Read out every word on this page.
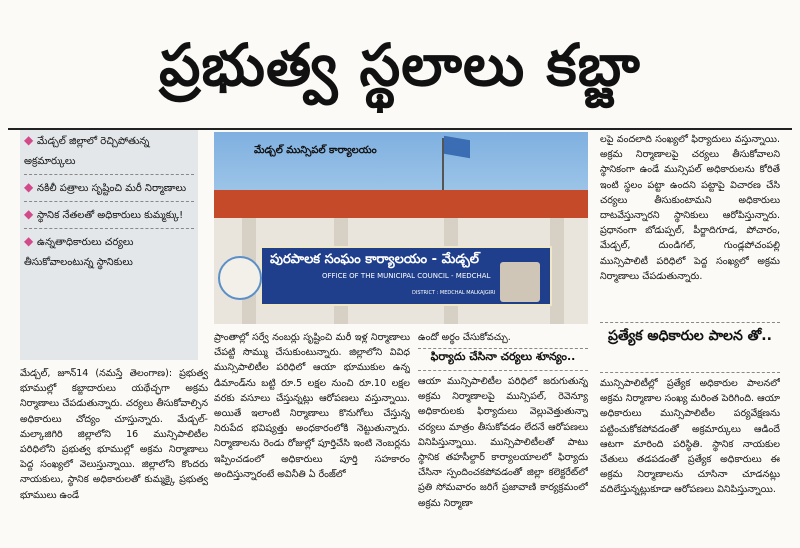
ప్రభుత్వ స్థలాలు కబ్జా
◆ మేడ్చల్ జిల్లాలో రెచ్చిపోతున్న అక్రమార్కులు
◆ నకిలీ పత్రాలు సృష్టించి మరీ నిర్మాణాలు
◆ స్థానిక నేతలతో అధికారులు కుమ్మక్కు!
◆ ఉన్నతాధికారులు చర్యలు తీసుకోవాలంటున్న స్థానికులు

మేడ్చల్, జూన్14 (నమస్తే తెలంగాణ): ప్రభుత్వ భూముల్లో కబ్జాదారులు యథేచ్ఛగా అక్రమ నిర్మాణాలు చేపడుతున్నారు. చర్యలు తీసుకోవాల్సిన అధికారులు చోద్యం చూస్తున్నారు. మేడ్చల్-మల్కాజిగిరి జిల్లాలోని 16 మున్సిపాలిటీల పరిధిలోని ప్రభుత్వ భూముల్లో అక్రమ నిర్మాణాలు పెద్ద సంఖ్యలో వెలుస్తున్నాయి. జిల్లాలోని కొందరు నాయకులు, స్థానిక అధికారులతో కుమ్మక్కై ప్రభుత్వ భూములు ఉండే

మేడ్చల్ మున్సిపల్ కార్యాలయం
పురపాలక సంఘం కార్యాలయం - మేడ్చల్
OFFICE OF THE MUNICIPAL COUNCIL - MEDCHAL
DISTRICT : MEDCHAL MALKAJGIRI

ప్రాంతాల్లో సర్వే నంబర్లు సృష్టించి మరీ ఇళ్ల నిర్మాణాలు చేపట్టి సొమ్ము చేసుకుంటున్నారు. జిల్లాలోని వివిధ మున్సిపాలిటీల పరిధిలో ఆయా భూముకుల ఉన్న డిమాండ్‌ను బట్టి రూ.5 లక్షల నుంచి రూ.10 లక్షల వరకు వసూలు చేస్తున్నట్లు ఆరోపణలు వస్తున్నాయి. అయితే ఇలాంటి నిర్మాణాలు కొనుగోలు చేస్తున్న నిరుపేద భవిష్యత్తు అంధకారంలోకి నెట్టుతున్నారు. నిర్మాణాలను రెండు రోజుల్లో పూర్తిచేసి ఇంటి నెంబర్లను ఇప్పించడంలో అధికారులు పూర్తి సహకారం అందిస్తున్నారంటే అవినీతి ఏ రేంజ్‌లో

ఉందో అర్థం చేసుకోవచ్చు.

ఫిర్యాదు చేసినా చర్యలు శూన్యం..

ఆయా మున్సిపాలిటీల పరిధిలో జరుగుతున్న అక్రమ నిర్మాణాలపై మున్సిపల్, రెవెన్యూ అధికారులకు ఫిర్యాదులు వెల్లువెత్తుతున్నా చర్యలు మాత్రం తీసుకోవడం లేదనే ఆరోపణలు వినిపిస్తున్నాయి. మున్సిపాలిటీలతో పాటు స్థానిక తహసీల్దార్ కార్యాలయాలలో ఫిర్యాదు చేసినా స్పందించకపోవడంతో జిల్లా కలెక్టరేట్‌లో ప్రతి సోమవారం జరిగే ప్రజావాణి కార్యక్రమంలో అక్రమ నిర్మాణా

లపై వందలాది సంఖ్యలో ఫిర్యాదులు వస్తున్నాయి. అక్రమ నిర్మాణాలపై చర్యలు తీసుకోవాలని స్థానికంగా ఉండే మున్సిపల్ అధికారులను కోరితే ఇంటి స్థలం పట్టా ఉందని పట్టాపై విచారణ చేసి చర్యలు తీసుకుంటామని అధికారులు దాటవేస్తున్నారని స్థానికులు ఆరోపిస్తున్నారు. ప్రధానంగా బోడుప్పల్, పీర్జాదిగూడ, పోచారం, మేడ్చల్, దుండిగల్, గుండ్లపోచంపల్లి మున్సిపాలిటీ పరిధిలో పెద్ద సంఖ్యలో అక్రమ నిర్మాణాలు చేపడుతున్నారు.

ప్రత్యేక అధికారుల పాలన తో..

మున్సిపాలిటీల్లో ప్రత్యేక అధికారుల పాలనలో అక్రమ నిర్మాణాల సంఖ్య మరింత పెరిగింది. ఆయా అధికారులు మున్సిపాలిటీల పర్యవేక్షణను పట్టించుకోకపోవడంతో అక్రమార్కులు ఆడిందే ఆటగా మారింది పరిస్థితి. స్థానిక నాయకుల చేతులు తడపడంతో ప్రత్యేక అధికారులు ఈ అక్రమ నిర్మాణాలను చూసినా చూడనట్లు వదిలేస్తున్నట్లుకూడా ఆరోపణలు వినిపిస్తున్నాయి.
